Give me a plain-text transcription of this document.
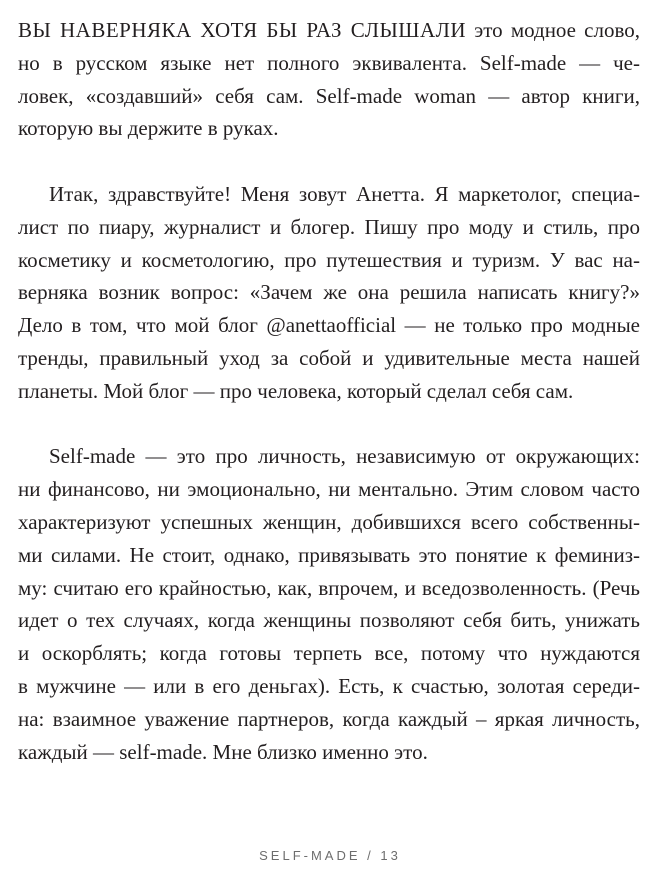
ВЫ НАВЕРНЯКА ХОТЯ БЫ РАЗ СЛЫШАЛИ это модное слово,
но в русском языке нет полного эквивалента. Self-made — че-
ловек, «создавший» себя сам. Self-made woman — автор книги,
которую вы держите в руках.
Итак, здравствуйте! Меня зовут Анетта. Я маркетолог, специа-
лист по пиару, журналист и блогер. Пишу про моду и стиль, про
косметику и косметологию, про путешествия и туризм. У вас на-
верняка возник вопрос: «Зачем же она решила написать книгу?»
Дело в том, что мой блог @anettaofficial — не только про модные
тренды, правильный уход за собой и удивительные места нашей
планеты. Мой блог — про человека, который сделал себя сам.
Self-made — это про личность, независимую от окружающих:
ни финансово, ни эмоционально, ни ментально. Этим словом часто
характеризуют успешных женщин, добившихся всего собственны-
ми силами. Не стоит, однако, привязывать это понятие к феминиз-
му: считаю его крайностью, как, впрочем, и вседозволенность. (Речь
идет о тех случаях, когда женщины позволяют себя бить, унижать
и оскорблять; когда готовы терпеть все, потому что нуждаются
в мужчине — или в его деньгах). Есть, к счастью, золотая середи-
на: взаимное уважение партнеров, когда каждый – яркая личность,
каждый — self-made. Мне близко именно это.
SELF-MADE / 13
